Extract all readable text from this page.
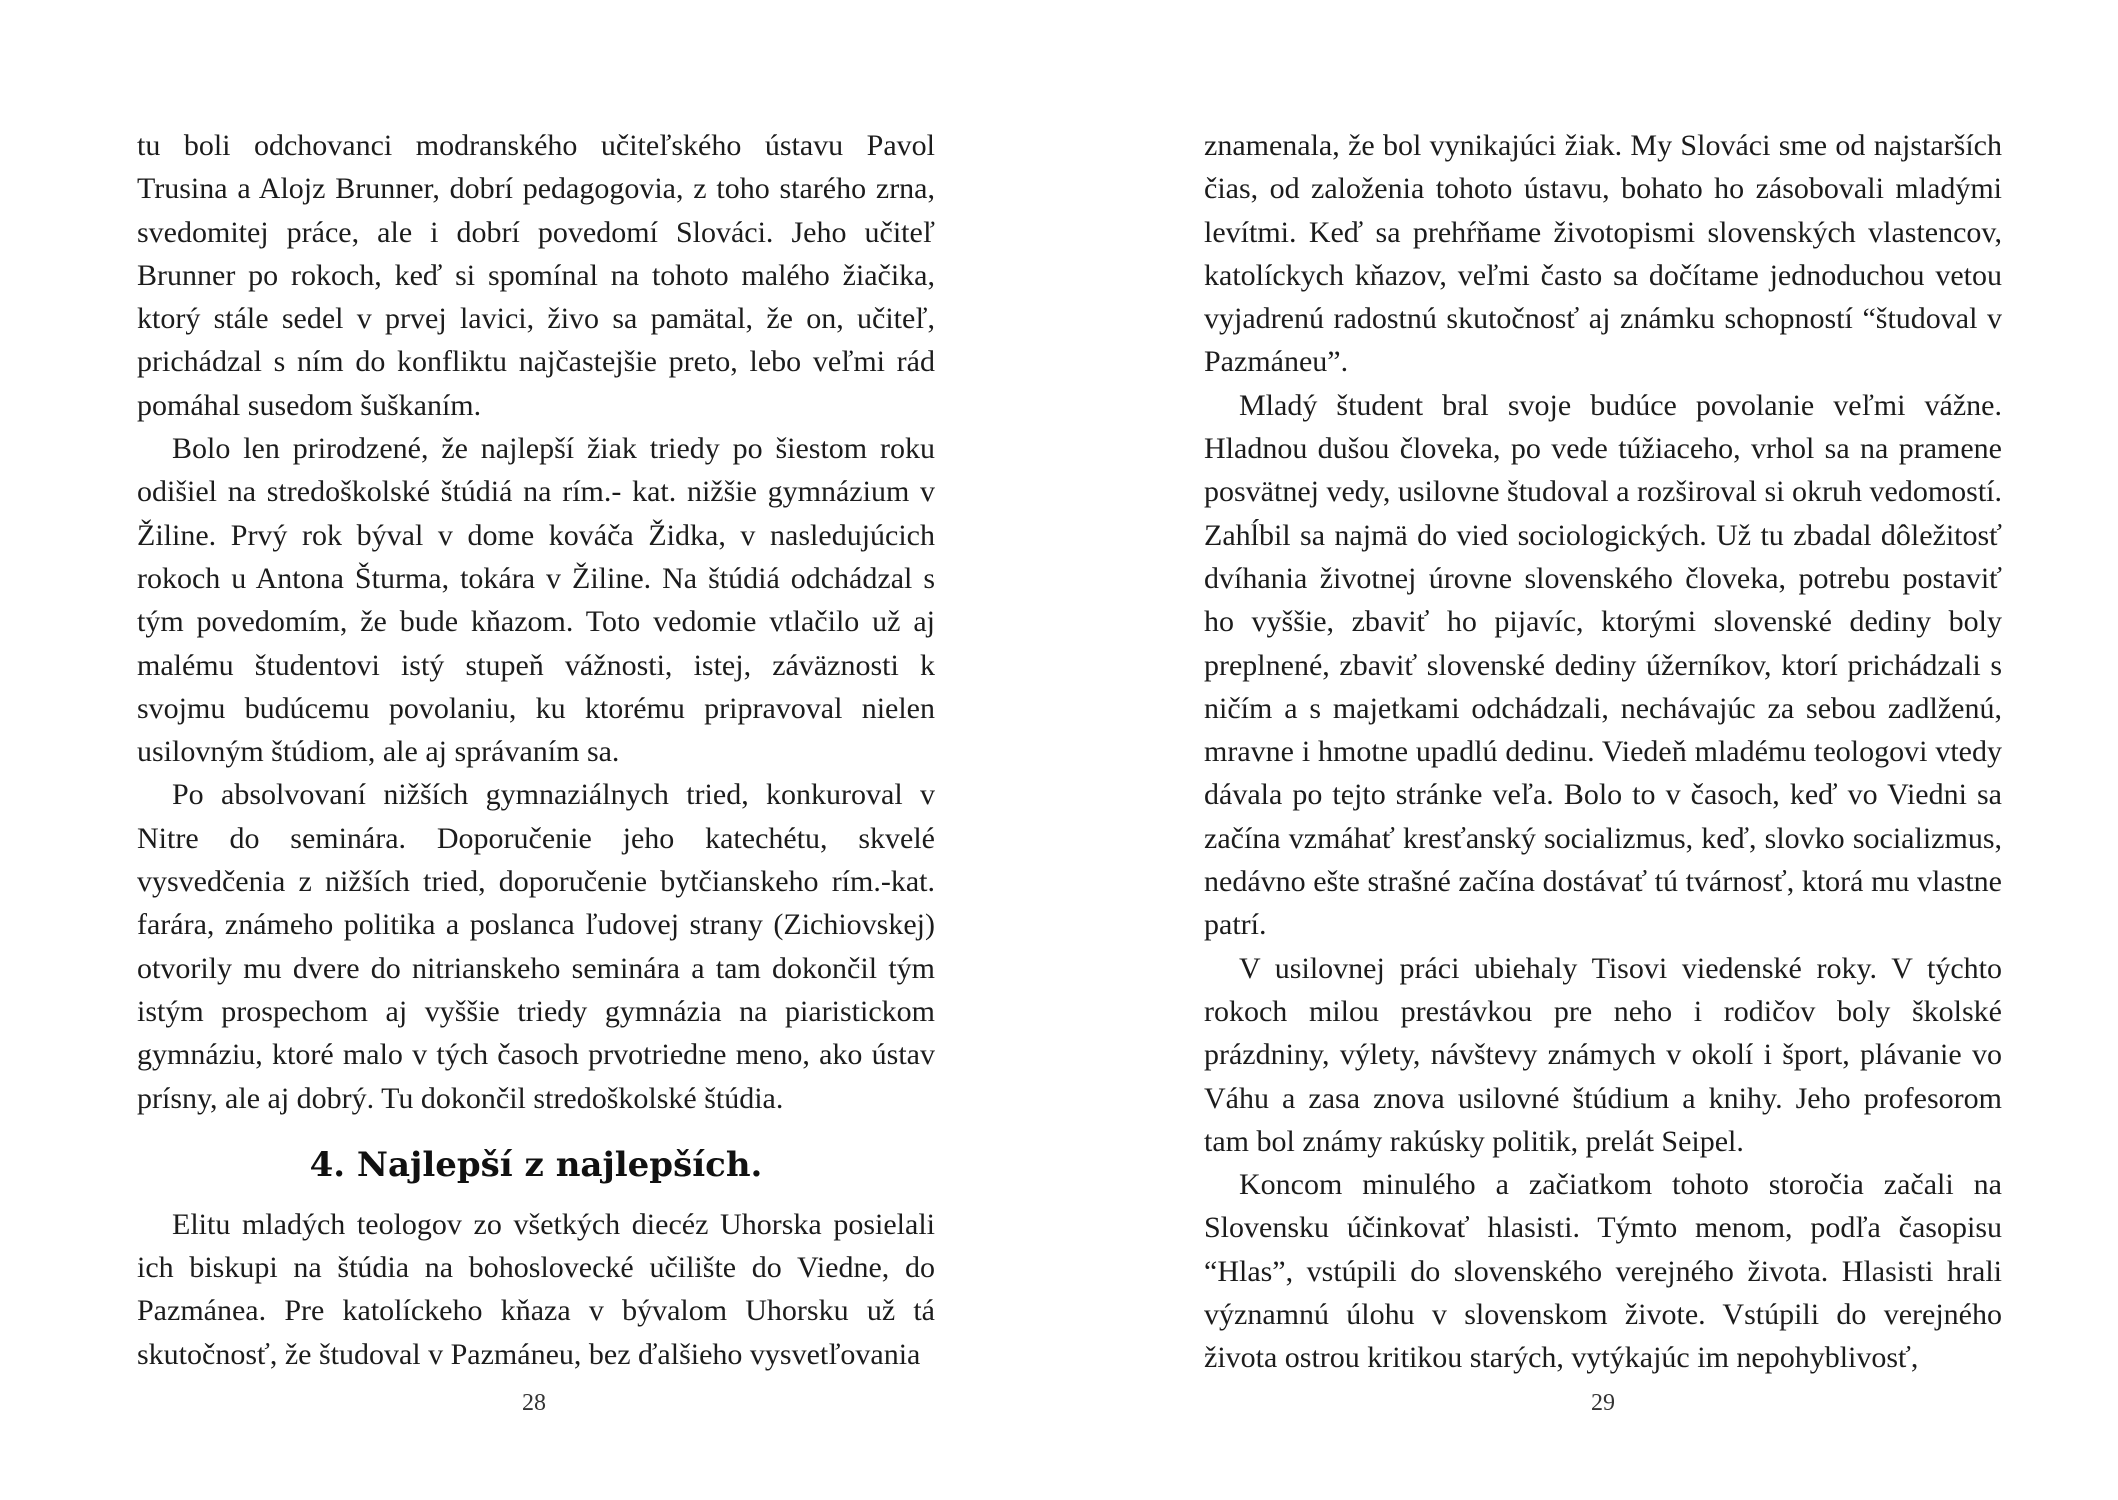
tu boli odchovanci modranského učiteľského ústavu Pavol Trusina a Alojz Brunner, dobrí pedagogovia, z toho starého zrna, svedomitej práce, ale i dobrí povedomí Slováci. Jeho učiteľ Brunner po rokoch, keď si spomínal na tohoto malého žiačika, ktorý stále sedel v prvej lavici, živo sa pamätal, že on, učiteľ, prichádzal s ním do konfliktu najčastejšie preto, lebo veľmi rád pomáhal susedom šuškaním.

Bolo len prirodzené, že najlepší žiak triedy po šiestom roku odišiel na stredoškolské štúdiá na rím.- kat. nižšie gymnázium v Žiline. Prvý rok býval v dome kováča Židka, v nasledujúcich rokoch u Antona Šturma, tokára v Žiline. Na štúdiá odchádzal s tým povedomím, že bude kňazom. Toto vedomie vtlačilo už aj malému študentovi istý stupeň vážnosti, istej, záväznosti k svojmu budúcemu povolaniu, ku ktorému pripravoval nielen usilovným štúdiom, ale aj správaním sa.

Po absolvovaní nižších gymnaziálnych tried, konkuroval v Nitre do seminára. Doporučenie jeho katechétu, skvelé vysvedčenia z nižších tried, doporučenie bytčianskeho rím.-kat. farára, známeho politika a poslanca ľudovej strany (Zichiovskej) otvorily mu dvere do nitrianskeho seminára a tam dokončil tým istým prospechom aj vyššie triedy gymnázia na piaristickom gymnáziu, ktoré malo v tých časoch prvotriedne meno, ako ústav prísny, ale aj dobrý. Tu dokončil stredoškolské štúdia.

4. Najlepší z najlepších.

Elitu mladých teologov zo všetkých diecéz Uhorska posielali ich biskupi na štúdia na bohoslovecké učilište do Viedne, do Pazmánea. Pre katolíckeho kňaza v bývalom Uhorsku už tá skutočnosť, že študoval v Pazmáneu, bez ďalšieho vysvetľovania

znamenala, že bol vynikajúci žiak. My Slováci sme od najstarších čias, od založenia tohoto ústavu, bohato ho zásobovali mladými levítmi. Keď sa prehŕňame životopismi slovenských vlastencov, katolíckych kňazov, veľmi často sa dočítame jednoduchou vetou vyjadrenú radostnú skutočnosť aj známku schopností “študoval v Pazmáneu”.

Mladý študent bral svoje budúce povolanie veľmi vážne. Hladnou dušou človeka, po vede túžiaceho, vrhol sa na pramene posvätnej vedy, usilovne študoval a rozširoval si okruh vedomostí. Zahĺbil sa najmä do vied sociologických. Už tu zbadal dôležitosť dvíhania životnej úrovne slovenského človeka, potrebu postaviť ho vyššie, zbaviť ho pijavíc, ktorými slovenské dediny boly preplnené, zbaviť slovenské dediny úžerníkov, ktorí prichádzali s ničím a s majetkami odchádzali, nechávajúc za sebou zadlženú, mravne i hmotne upadlú dedinu. Viedeň mladému teologovi vtedy dávala po tejto stránke veľa. Bolo to v časoch, keď vo Viedni sa začína vzmáhať kresťanský socializmus, keď, slovko socializmus, nedávno ešte strašné začína dostávať tú tvárnosť, ktorá mu vlastne patrí.

V usilovnej práci ubiehaly Tisovi viedenské roky. V týchto rokoch milou prestávkou pre neho i rodičov boly školské prázdniny, výlety, návštevy známych v okolí i šport, plávanie vo Váhu a zasa znova usilovné štúdium a knihy. Jeho profesorom tam bol známy rakúsky politik, prelát Seipel.

Koncom minulého a začiatkom tohoto storočia začali na Slovensku účinkovať hlasisti. Týmto menom, podľa časopisu “Hlas”, vstúpili do slovenského verejného života. Hlasisti hrali významnú úlohu v slovenskom živote. Vstúpili do verejného života ostrou kritikou starých, vytýkajúc im nepohyblivosť,

28	29
